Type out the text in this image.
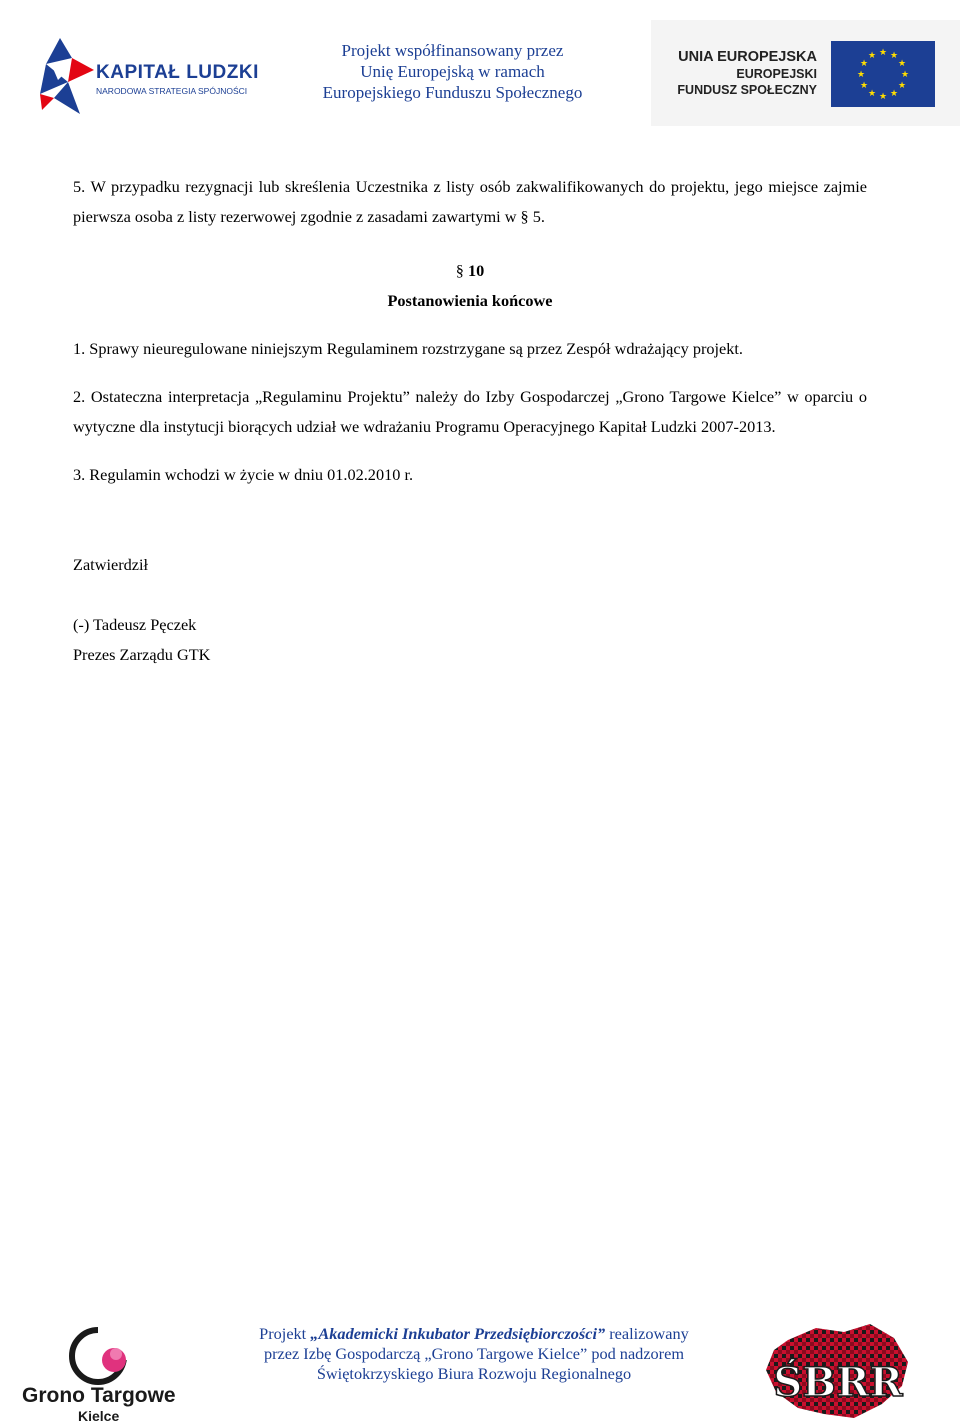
KAPITAŁ LUDZKI
NARODOWA STRATEGIA SPÓJNOŚCI
Projekt współfinansowany przez
Unię Europejską w ramach
Europejskiego Funduszu Społecznego
UNIA EUROPEJSKA
EUROPEJSKI
FUNDUSZ SPOŁECZNY
★ ★
★
★
★
★
★
★
★
★
★
★

5. W przypadku rezygnacji lub skreślenia Uczestnika z listy osób zakwalifikowanych do projektu, jego miejsce zajmie pierwsza osoba z listy rezerwowej zgodnie z zasadami zawartymi w § 5.

§ 10
Postanowienia końcowe

1. Sprawy nieuregulowane niniejszym Regulaminem rozstrzygane są przez Zespół wdrażający projekt.

2. Ostateczna interpretacja „Regulaminu Projektu” należy do Izby Gospodarczej „Grono Targowe Kielce” w oparciu o wytyczne dla instytucji biorących udział we wdrażaniu Programu Operacyjnego Kapitał Ludzki 2007-2013.

3. Regulamin wchodzi w życie w dniu 01.02.2010 r.

Zatwierdził

(-) Tadeusz Pęczek

Prezes Zarządu GTK

Grono Targowe
Kielce
Projekt „Akademicki Inkubator Przedsiębiorczości” realizowany
przez Izbę Gospodarczą „Grono Targowe Kielce” pod nadzorem
Świętokrzyskiego Biura Rozwoju Regionalnego	ŚBRR
